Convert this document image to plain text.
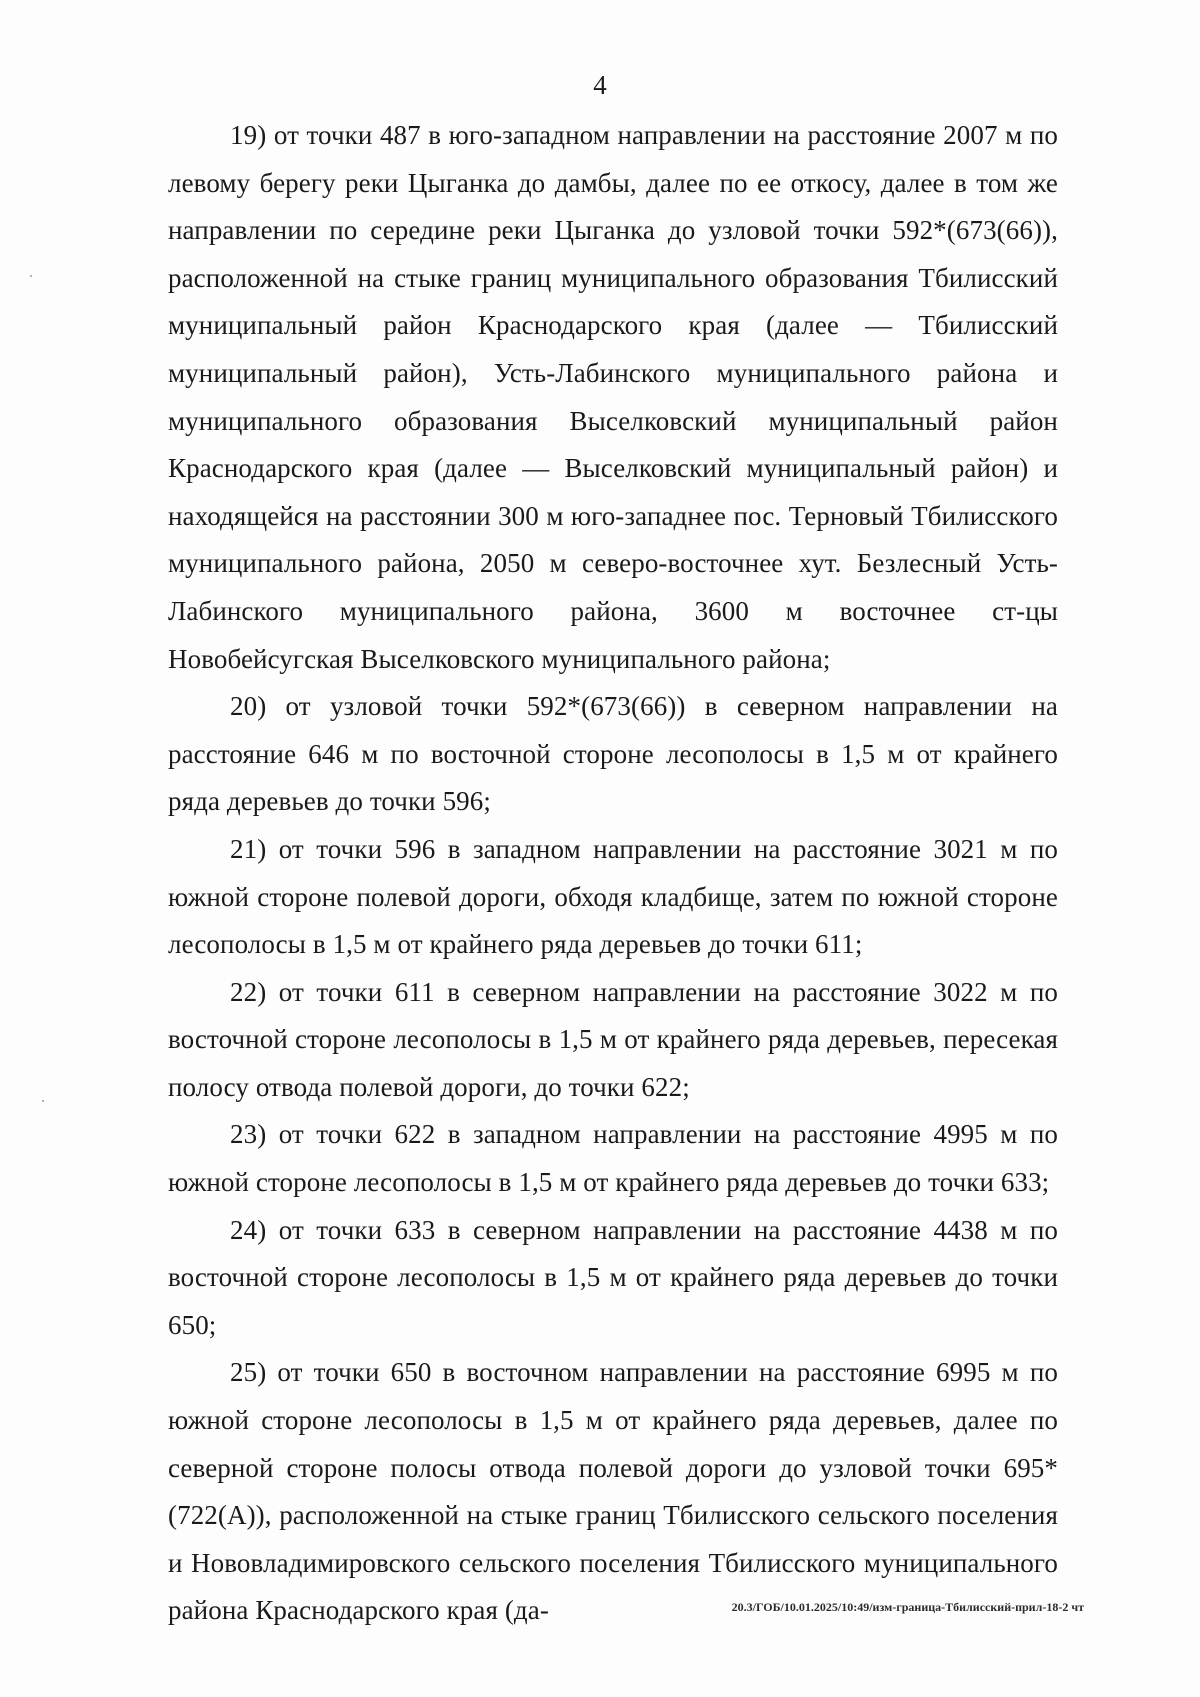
4

19) от точки 487 в юго-западном направлении на расстояние 2007 м по левому берегу реки Цыганка до дамбы, далее по ее откосу, далее в том же направлении по середине реки Цыганка до узловой точки 592*(673(66)), расположенной на стыке границ муниципального образования Тбилисский муниципальный район Краснодарского края (далее — Тбилисский муниципальный район), Усть-Лабинского муниципального района и муниципального образования Выселковский муниципальный район Краснодарского края (далее — Выселковский муниципальный район) и находящейся на расстоянии 300 м юго-западнее пос. Терновый Тбилисского муниципального района, 2050 м северо-восточнее хут. Безлесный Усть-Лабинского муниципального района, 3600 м восточнее ст-цы Новобейсугская Выселковского муниципального района;

20) от узловой точки 592*(673(66)) в северном направлении на расстояние 646 м по восточной стороне лесополосы в 1,5 м от крайнего ряда деревьев до точки 596;

21) от точки 596 в западном направлении на расстояние 3021 м по южной стороне полевой дороги, обходя кладбище, затем по южной стороне лесополосы в 1,5 м от крайнего ряда деревьев до точки 611;

22) от точки 611 в северном направлении на расстояние 3022 м по восточной стороне лесополосы в 1,5 м от крайнего ряда деревьев, пересекая полосу отвода полевой дороги, до точки 622;

23) от точки 622 в западном направлении на расстояние 4995 м по южной стороне лесополосы в 1,5 м от крайнего ряда деревьев до точки 633;

24) от точки 633 в северном направлении на расстояние 4438 м по восточной стороне лесополосы в 1,5 м от крайнего ряда деревьев до точки 650;

25) от точки 650 в восточном направлении на расстояние 6995 м по южной стороне лесополосы в 1,5 м от крайнего ряда деревьев, далее по северной стороне полосы отвода полевой дороги до узловой точки 695*(722(А)), расположенной на стыке границ Тбилисского сельского поселения и Нововладимировского сельского поселения Тбилисского муниципального района Краснодарского края (да-	20.3/ГОБ/10.01.2025/10:49/изм-граница-Тбилисский-прил-18-2 чт
